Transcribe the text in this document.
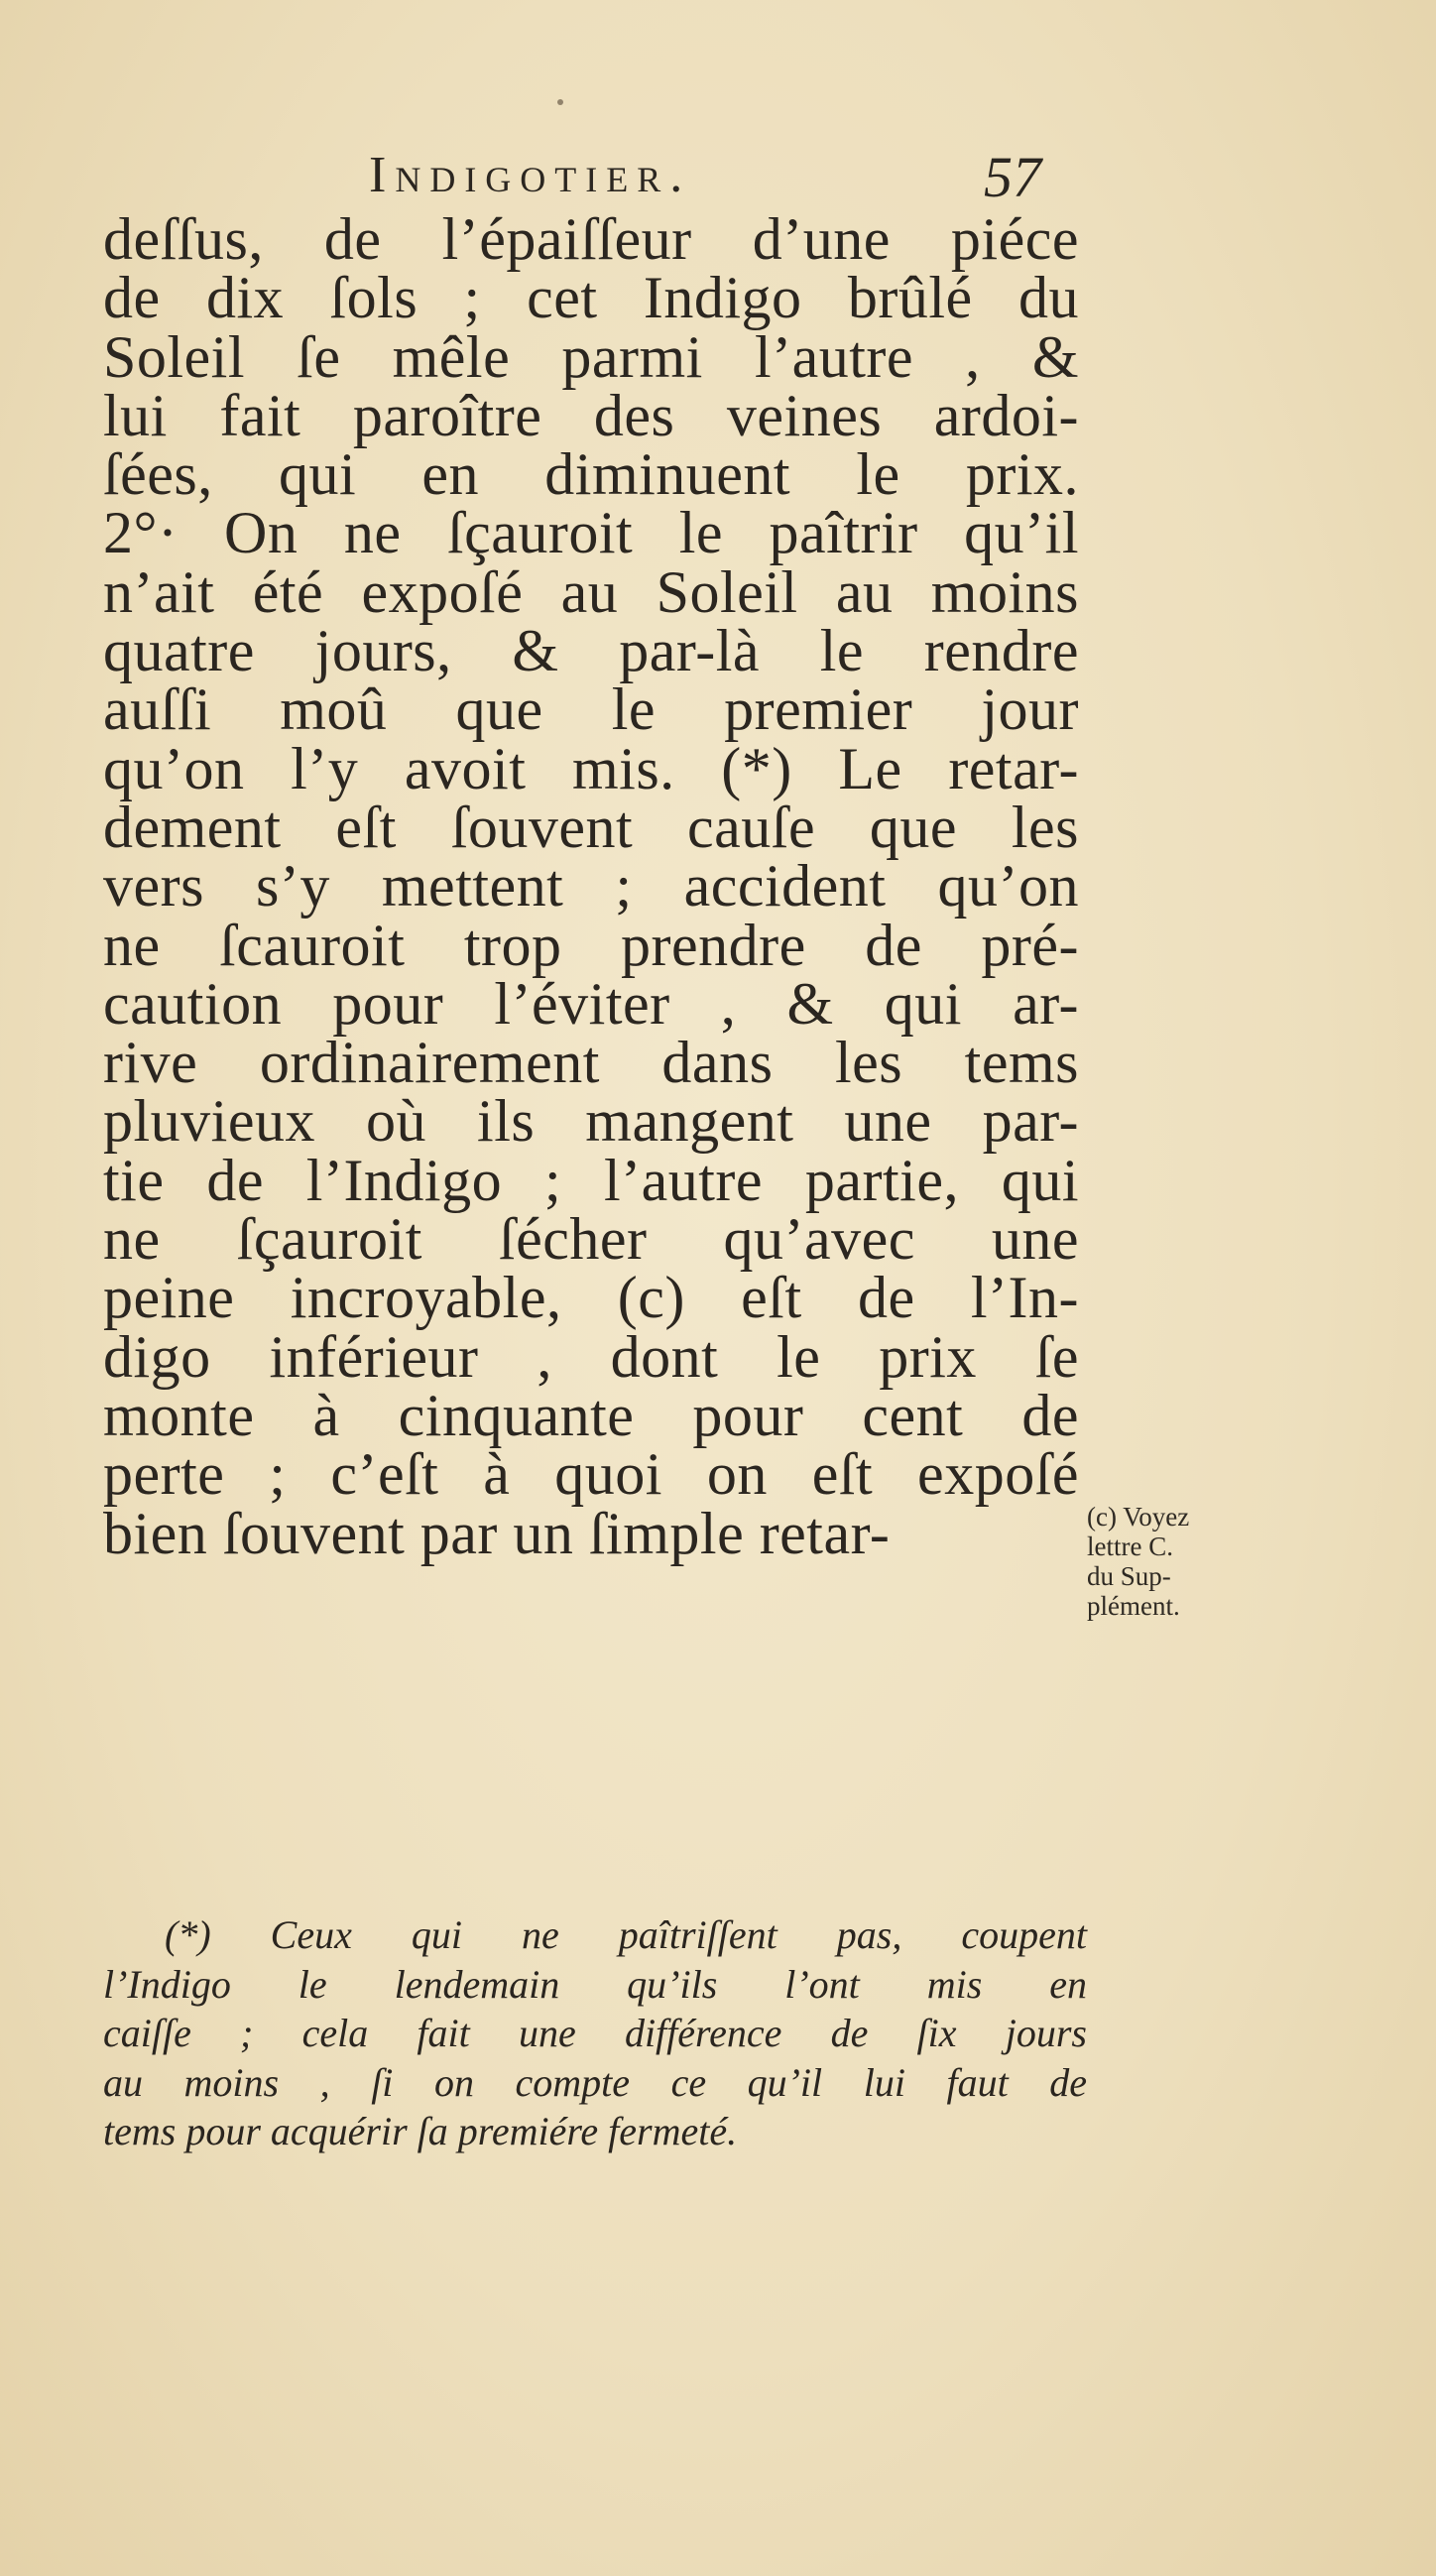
Indigotier.	57
deſſus, de l’épaiſſeur d’une piéce
de dix ſols ; cet Indigo brûlé du
Soleil ſe mêle parmi l’autre , &
lui fait paroître des veines ardoi-
ſées, qui en diminuent le prix.
2°· On ne ſçauroit le paîtrir qu’il
n’ait été expoſé au Soleil au moins
quatre jours, & par-là le rendre
auſſi moû que le premier jour
qu’on l’y avoit mis. (*) Le retar-
dement eſt ſouvent cauſe que les
vers s’y mettent ; accident qu’on
ne ſcauroit trop prendre de pré-
caution pour l’éviter , & qui ar-
rive ordinairement dans les tems
pluvieux où ils mangent une par-
tie de l’Indigo ; l’autre partie, qui
ne ſçauroit ſécher qu’avec une
peine incroyable, (c) eſt de l’In-
digo inférieur , dont le prix ſe
monte à cinquante pour cent de
perte ; c’eſt à quoi on eſt expoſé
bien ſouvent par un ſimple retar-	(c) Voyez
lettre C.
du Sup-
plément.
(*) Ceux qui ne paîtriſſent pas, coupent
l’Indigo le lendemain qu’ils l’ont mis en
caiſſe ; cela fait une différence de ſix jours
au moins , ſi on compte ce qu’il lui faut de
tems pour acquérir ſa premiére fermeté.
